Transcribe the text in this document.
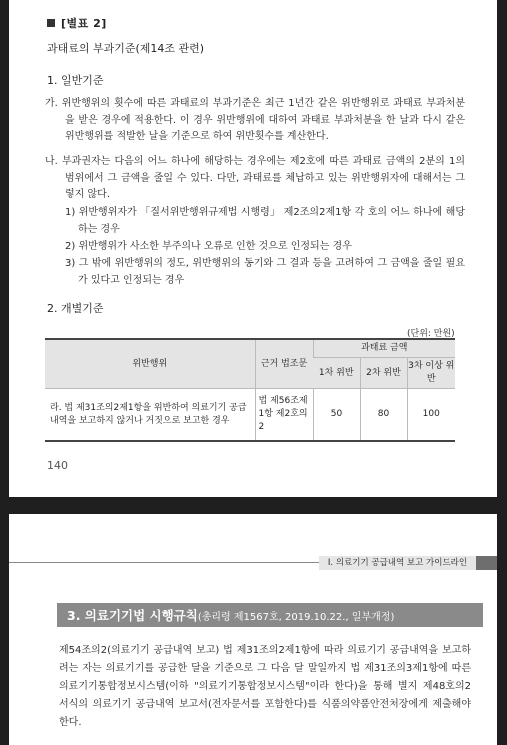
[별표 2]
과태료의 부과기준(제14조 관련)
1. 일반기준
가. 위반행위의 횟수에 따른 과태료의 부과기준은 최근 1년간 같은 위반행위로 과태료 부과처분을 받은 경우에 적용한다. 이 경우 위반행위에 대하여 과태료 부과처분을 한 날과 다시 같은 위반행위를 적발한 날을 기준으로 하여 위반횟수를 계산한다.
나. 부과권자는 다음의 어느 하나에 해당하는 경우에는 제2호에 따른 과태료 금액의 2분의 1의 범위에서 그 금액을 줄일 수 있다. 다만, 과태료를 체납하고 있는 위반행위자에 대해서는 그렇지 않다.
1) 위반행위자가 「질서위반행위규제법 시행령」 제2조의2제1항 각 호의 어느 하나에 해당하는 경우
2) 위반행위가 사소한 부주의나 오류로 인한 것으로 인정되는 경우
3) 그 밖에 위반행위의 정도, 위반행위의 동기와 그 결과 등을 고려하여 그 금액을 줄일 필요가 있다고 인정되는 경우
2. 개별기준
(단위: 만원)
위반행위	근거 법조문	과태료 금액		
		1차 위반	2차 위반	3차 이상 위반
라. 법 제31조의2제1항을 위반하여 의료기기 공급내역을 보고하지 않거나 거짓으로 보고한 경우	법 제56조제1항 제2호의2	50	80	100
140
Ⅰ. 의료기기 공급내역 보고 가이드라인
3. 의료기기법 시행규칙(총리령 제1567호, 2019.10.22., 일부개정)
제54조의2(의료기기 공급내역 보고) 법 제31조의2제1항에 따라 의료기기 공급내역을 보고하려는 자는 의료기기를 공급한 달을 기준으로 그 다음 달 말일까지 법 제31조의3제1항에 따른 의료기기통합정보시스템(이하 "의료기기통합정보시스템"이라 한다)을 통해 별지 제48호의2 서식의 의료기기 공급내역 보고서(전자문서를 포함한다)를 식품의약품안전처장에게 제출해야 한다.
